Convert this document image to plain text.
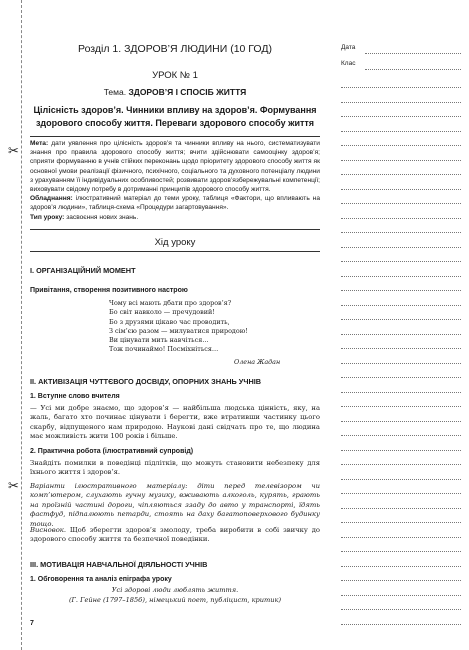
✂
✂
Розділ 1. ЗДОРОВ’Я ЛЮДИНИ (10 ГОД)
УРОК № 1
Тема. ЗДОРОВ’Я І СПОСІБ ЖИТТЯ
Цілісність здоров’я. Чинники впливу на здоров’я. Формування здорового способу життя. Переваги здорового способу життя
Мета: дати уявлення про цілісність здоров’я та чинники впливу на нього, систематизувати знання про правила здорового способу життя; вчити здійснювати самооцінку здоров’я; сприяти формуванню в учнів стійких переконань щодо пріоритету здорового способу життя як основної умови реалізації фізичного, психічного, соціального та духовного потенціалу людини з урахуванням її індивідуальних особливостей; розвивати здоров’язбережувальні компетенції; виховувати свідому потребу в дотриманні принципів здорового способу життя.
Обладнання: ілюстративний матеріал до теми уроку, таблиця «Фактори, що впливають на здоров’я людини», таблиця-схема «Процедури загартовування».
Тип уроку: засвоєння нових знань.
Хід уроку
I. ОРГАНІЗАЦІЙНИЙ МОМЕНТ
Привітання, створення позитивного настрою
Чому всі мають дбати про здоров’я?
Бо світ навколо — пречудовий!
Бо з друзями цікаво час проводить,
З сім’єю разом — милуватися природою!
Ви цінувати мить навчіться…
Тож починаймо! Посміхніться…
Олена Жадан
II. АКТИВІЗАЦІЯ ЧУТТЄВОГО ДОСВІДУ, ОПОРНИХ ЗНАНЬ УЧНІВ
1. Вступне слово вчителя
— Усі ми добре знаємо, що здоров’я — найбільша людська цінність, яку, на жаль, багато хто починає цінувати і берегти, вже втративши частинку цього скарбу, відпущеного нам природою. Наукові дані свідчать про те, що людина має можливість жити 100 років і більше.
2. Практична робота (ілюстративний супровід)
Знайдіть помилки в поведінці підлітків, що можуть становити небезпеку для їхнього життя і здоров’я.
Варіанти ілюстративного матеріалу: діти перед телевізором чи комп’ютером, слухають гучну музику, вживають алкоголь, курять, грають на проїзній частині дороги, чіпляються ззаду до авто у транспорті, їдять фастфуд, підпалюють петарди, стоять на даху багатоповерхового будинку тощо.
Висновок. Щоб зберегти здоров’я змолоду, треба виробити в собі звичку до здорового способу життя та безпечної поведінки.
III. МОТИВАЦІЯ НАВЧАЛЬНОЇ ДІЯЛЬНОСТІ УЧНІВ
1. Обговорення та аналіз епіграфа уроку
Усі здорові люди люблять життя.
(Г. Гейне (1797–1856), німецький поет, публіцист, критик)
7
Дата
Клас
